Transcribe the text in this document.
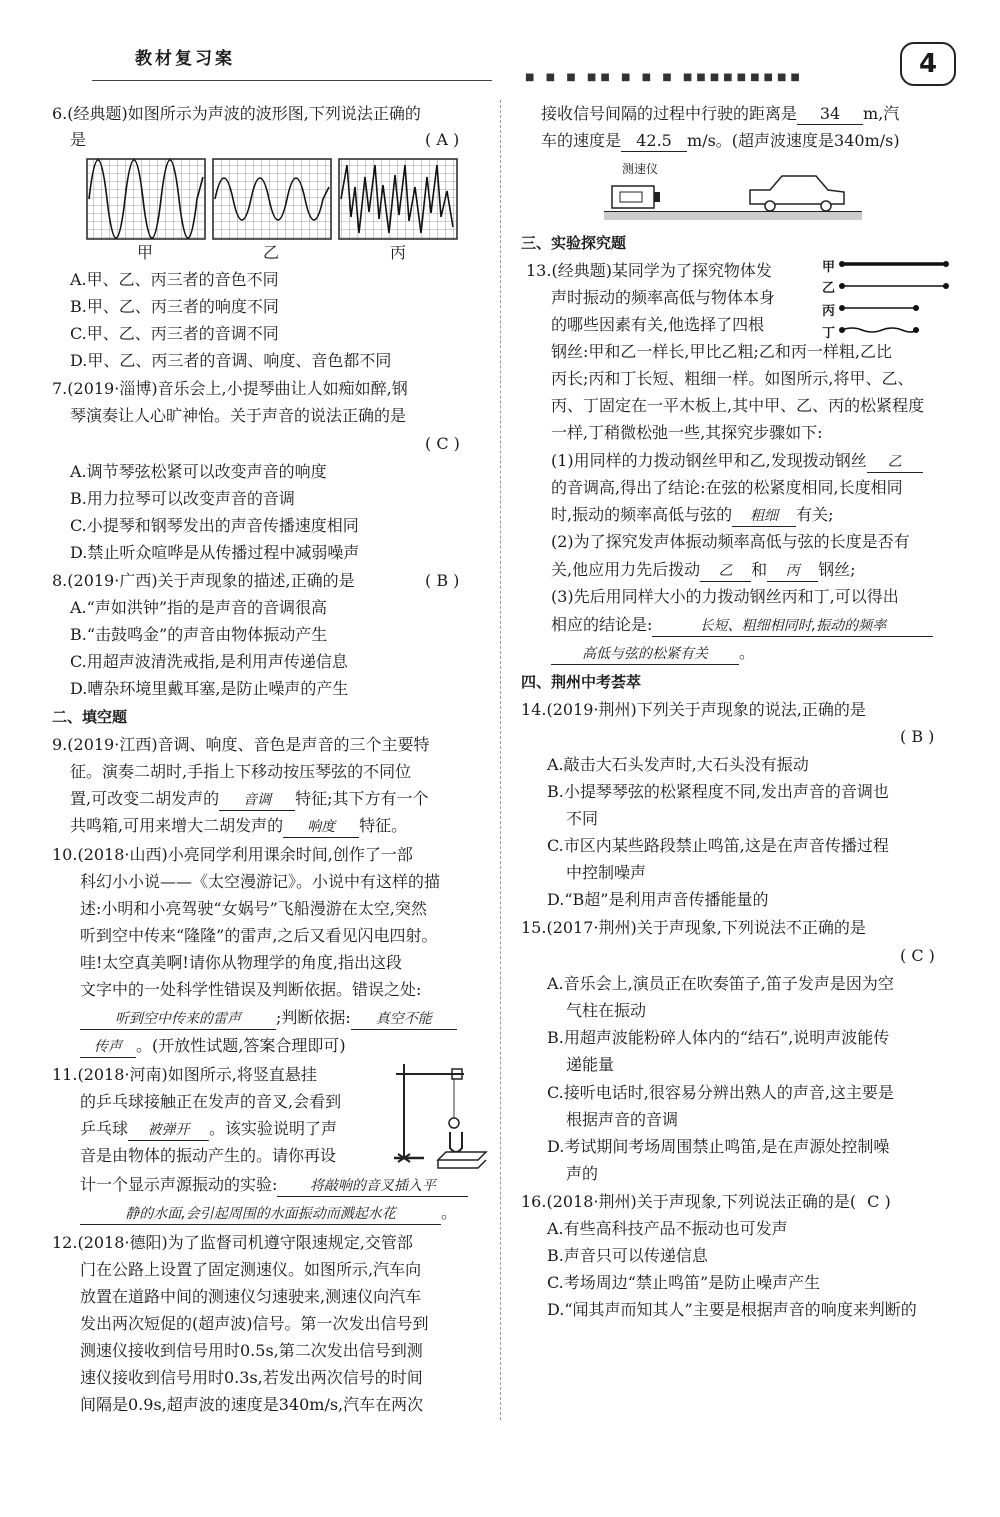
教材复习案
■ ■ ■ ■■ ■ ■ ■ ■■■■■■■■■	4
6.(经典题)如图所示为声波的波形图,下列说法正确的
是	( A )
甲	乙	丙
A.甲、乙、丙三者的音色不同
B.甲、乙、丙三者的响度不同
C.甲、乙、丙三者的音调不同
D.甲、乙、丙三者的音调、响度、音色都不同
7.(2019·淄博)音乐会上,小提琴曲让人如痴如醉,钢
琴演奏让人心旷神怡。关于声音的说法正确的是
( C )
A.调节琴弦松紧可以改变声音的响度
B.用力拉琴可以改变声音的音调
C.小提琴和钢琴发出的声音传播速度相同
D.禁止听众喧哗是从传播过程中减弱噪声
8.(2019·广西)关于声现象的描述,正确的是	( B )
A.“声如洪钟”指的是声音的音调很高
B.“击鼓鸣金”的声音由物体振动产生
C.用超声波清洗戒指,是利用声传递信息
D.嘈杂环境里戴耳塞,是防止噪声的产生
二、填空题
9.(2019·江西)音调、响度、音色是声音的三个主要特
征。演奏二胡时,手指上下移动按压琴弦的不同位
置,可改变二胡发声的 音调 特征;其下方有一个
共鸣箱,可用来增大二胡发声的 响度 特征。
10.(2018·山西)小亮同学利用课余时间,创作了一部
科幻小小说——《太空漫游记》。小说中有这样的描
述:小明和小亮驾驶“女娲号”飞船漫游在太空,突然
听到空中传来“隆隆”的雷声,之后又看见闪电四射。
哇!太空真美啊!请你从物理学的角度,指出这段
文字中的一处科学性错误及判断依据。错误之处:
听到空中传来的雷声 ;判断依据: 真空不能
传声 。(开放性试题,答案合理即可)
11.(2018·河南)如图所示,将竖直悬挂
的乒乓球接触正在发声的音叉,会看到
乒乓球 被弹开 。该实验说明了声
音是由物体的振动产生的。请你再设
计一个显示声源振动的实验: 将敲响的音叉插入平
静的水面,会引起周围的水面振动而溅起水花	。
12.(2018·德阳)为了监督司机遵守限速规定,交管部
门在公路上设置了固定测速仪。如图所示,汽车向
放置在道路中间的测速仪匀速驶来,测速仪向汽车
发出两次短促的(超声波)信号。第一次发出信号到
测速仪接收到信号用时0.5s,第二次发出信号到测
速仪接收到信号用时0.3s,若发出两次信号的时间
间隔是0.9s,超声波的速度是340m/s,汽车在两次
接收信号间隔的过程中行驶的距离是 34 m,汽
车的速度是 42.5 m/s。(超声波速度是340m/s)
测速仪
三、实验探究题
13.(经典题)某同学为了探究物体发
声时振动的频率高低与物体本身
的哪些因素有关,他选择了四根
甲
乙
丙
丁
钢丝:甲和乙一样长,甲比乙粗;乙和丙一样粗,乙比
丙长;丙和丁长短、粗细一样。如图所示,将甲、乙、
丙、丁固定在一平木板上,其中甲、乙、丙的松紧程度
一样,丁稍微松弛一些,其探究步骤如下:
(1)用同样的力拨动钢丝甲和乙,发现拨动钢丝 乙
的音调高,得出了结论:在弦的松紧度相同,长度相同
时,振动的频率高低与弦的 粗细 有关;
(2)为了探究发声体振动频率高低与弦的长度是否有
关,他应用力先后拨动 乙 和 丙 钢丝;
(3)先后用同样大小的力拨动钢丝丙和丁,可以得出
相应的结论是:	长短、粗细相同时,振动的频率
高低与弦的松紧有关 。
四、荆州中考荟萃
14.(2019·荆州)下列关于声现象的说法,正确的是
( B )
A.敲击大石头发声时,大石头没有振动
B.小提琴琴弦的松紧程度不同,发出声音的音调也
不同
C.市区内某些路段禁止鸣笛,这是在声音传播过程
中控制噪声
D.“B超”是利用声音传播能量的
15.(2017·荆州)关于声现象,下列说法不正确的是
( C )
A.音乐会上,演员正在吹奏笛子,笛子发声是因为空
气柱在振动
B.用超声波能粉碎人体内的“结石”,说明声波能传
递能量
C.接听电话时,很容易分辨出熟人的声音,这主要是
根据声音的音调
D.考试期间考场周围禁止鸣笛,是在声源处控制噪
声的
16.(2018·荆州)关于声现象,下列说法正确的是( C )
A.有些高科技产品不振动也可发声
B.声音只可以传递信息
C.考场周边“禁止鸣笛”是防止噪声产生
D.“闻其声而知其人”主要是根据声音的响度来判断的
